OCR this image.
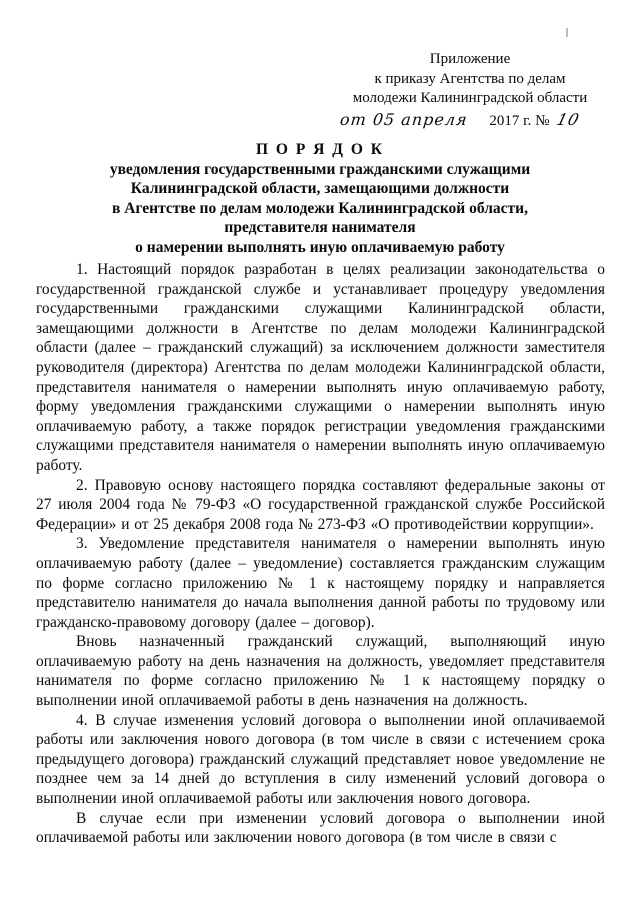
Приложение
к приказу Агентства по делам
молодежи Калининградской области
от 05 апреля 2017 г. № 10
П О Р Я Д О К
уведомления государственными гражданскими служащими
Калининградской области, замещающими должности
в Агентстве по делам молодежи Калининградской области,
представителя нанимателя
о намерении выполнять иную оплачиваемую работу

1. Настоящий порядок разработан в целях реализации законодательства о государственной гражданской службе и устанавливает процедуру уведомления государственными гражданскими служащими Калининградской области, замещающими должности в Агентстве по делам молодежи Калининградской области (далее – гражданский служащий) за исключением должности заместителя руководителя (директора) Агентства по делам молодежи Калининградской области, представителя нанимателя о намерении выполнять иную оплачиваемую работу, форму уведомления гражданскими служащими о намерении выполнять иную оплачиваемую работу, а также порядок регистрации уведомления гражданскими служащими представителя нанимателя о намерении выполнять иную оплачиваемую работу.

2. Правовую основу настоящего порядка составляют федеральные законы от 27 июля 2004 года № 79-ФЗ «О государственной гражданской службе Российской Федерации» и от 25 декабря 2008 года № 273-ФЗ «О противодействии коррупции».

3. Уведомление представителя нанимателя о намерении выполнять иную оплачиваемую работу (далее – уведомление) составляется гражданским служащим по форме согласно приложению № 1 к настоящему порядку и направляется представителю нанимателя до начала выполнения данной работы по трудовому или гражданско-правовому договору (далее – договор).

Вновь назначенный гражданский служащий, выполняющий иную оплачиваемую работу на день назначения на должность, уведомляет представителя нанимателя по форме согласно приложению № 1 к настоящему порядку о выполнении иной оплачиваемой работы в день назначения на должность.

4. В случае изменения условий договора о выполнении иной оплачиваемой работы или заключения нового договора (в том числе в связи с истечением срока предыдущего договора) гражданский служащий представляет новое уведомление не позднее чем за 14 дней до вступления в силу изменений условий договора о выполнении иной оплачиваемой работы или заключения нового договора.

В случае если при изменении условий договора о выполнении иной оплачиваемой работы или заключении нового договора (в том числе в связи с
